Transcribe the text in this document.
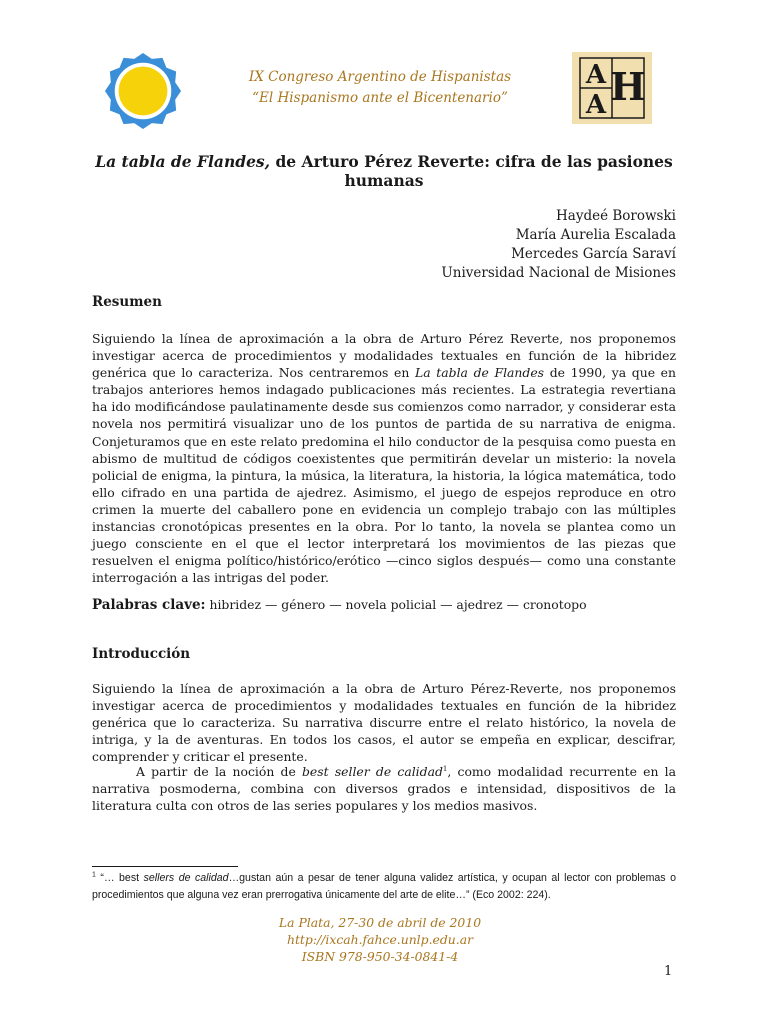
IX Congreso Argentino de Hispanistas
“El Hispanismo ante el Bicentenario”
A H
A
La tabla de Flandes, de Arturo Pérez Reverte: cifra de las pasiones humanas
Haydeé Borowski
María Aurelia Escalada
Mercedes García Saraví
Universidad Nacional de Misiones
Resumen
Siguiendo la línea de aproximación a la obra de Arturo Pérez Reverte, nos proponemos investigar acerca de procedimientos y modalidades textuales en función de la hibridez genérica que lo caracteriza. Nos centraremos en La tabla de Flandes de 1990, ya que en trabajos anteriores hemos indagado publicaciones más recientes. La estrategia revertiana ha ido modificándose paulatinamente desde sus comienzos como narrador, y considerar esta novela nos permitirá visualizar uno de los puntos de partida de su narrativa de enigma. Conjeturamos que en este relato predomina el hilo conductor de la pesquisa como puesta en abismo de multitud de códigos coexistentes que permitirán develar un misterio: la novela policial de enigma, la pintura, la música, la literatura, la historia, la lógica matemática, todo ello cifrado en una partida de ajedrez. Asimismo, el juego de espejos reproduce en otro crimen la muerte del caballero pone en evidencia un complejo trabajo con las múltiples instancias cronotópicas presentes en la obra. Por lo tanto, la novela se plantea como un juego consciente en el que el lector interpretará los movimientos de las piezas que resuelven el enigma político/histórico/erótico —cinco siglos después— como una constante interrogación a las intrigas del poder.
Palabras clave: hibridez — género — novela policial — ajedrez — cronotopo
Introducción
Siguiendo la línea de aproximación a la obra de Arturo Pérez-Reverte, nos proponemos investigar acerca de procedimientos y modalidades textuales en función de la hibridez genérica que lo caracteriza. Su narrativa discurre entre el relato histórico, la novela de intriga, y la de aventuras. En todos los casos, el autor se empeña en explicar, descifrar, comprender y criticar el presente.
A partir de la noción de best seller de calidad$^1$, como modalidad recurrente en la narrativa posmoderna, combina con diversos grados e intensidad, dispositivos de la literatura culta con otros de las series populares y los medios masivos.
$^1$ “… best sellers de calidad…gustan aún a pesar de tener alguna validez artística, y ocupan al lector con problemas o procedimientos que alguna vez eran prerrogativa únicamente del arte de elite…” (Eco 2002: 224).
La Plata, 27-30 de abril de 2010
http://ixcah.fahce.unlp.edu.ar
ISBN 978-950-34-0841-4
1
